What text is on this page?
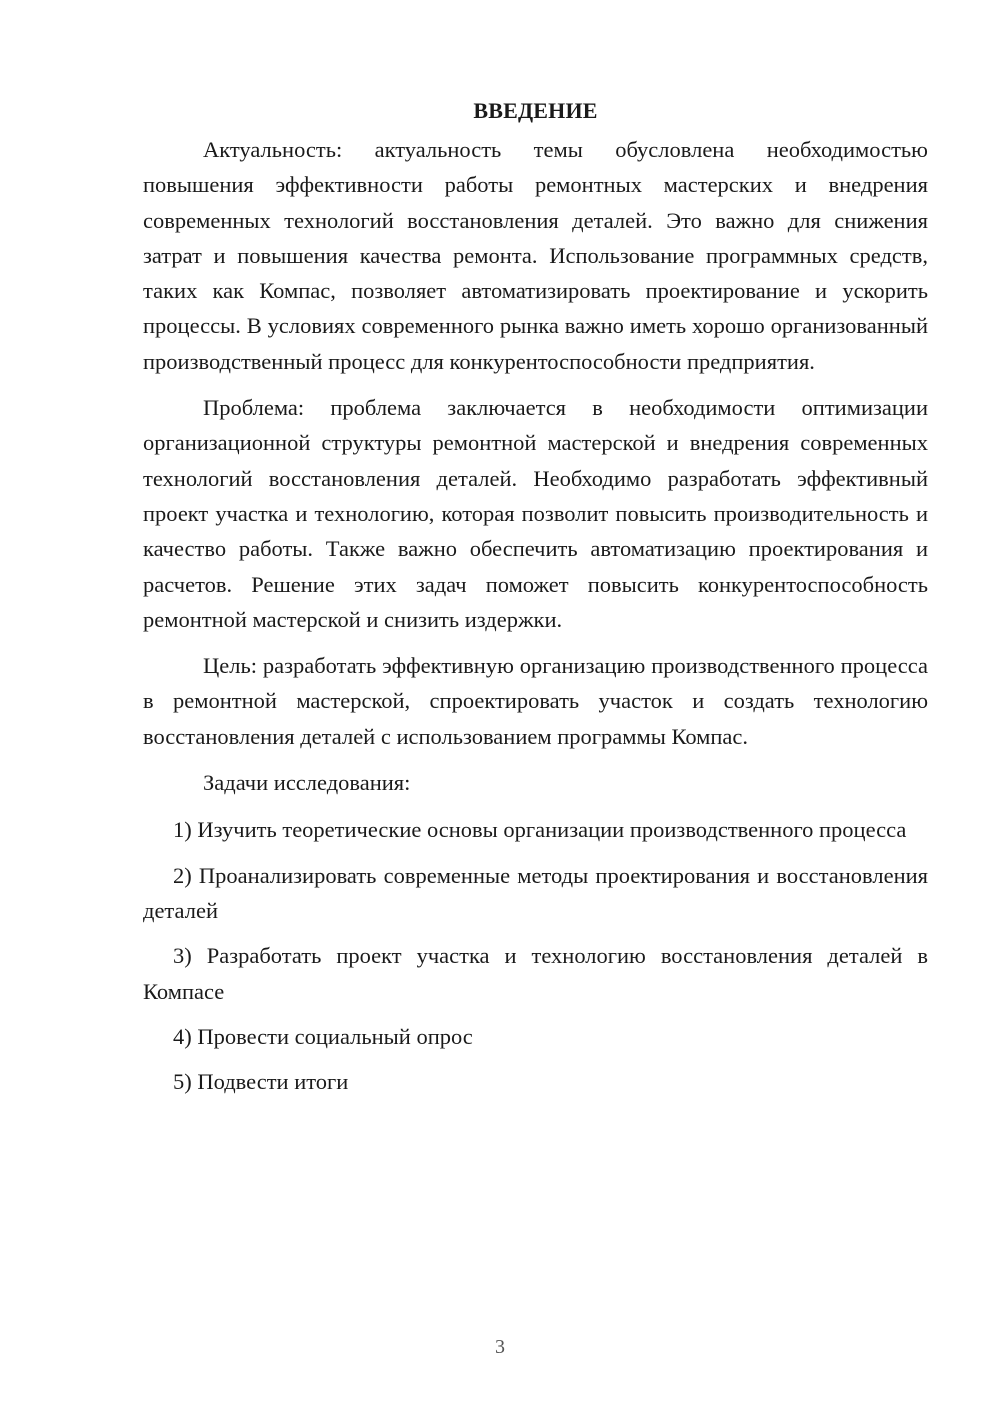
ВВЕДЕНИЕ

Актуальность: актуальность темы обусловлена необходимостью повышения эффективности работы ремонтных мастерских и внедрения современных технологий восстановления деталей. Это важно для снижения затрат и повышения качества ремонта. Использование программных средств, таких как Компас, позволяет автоматизировать проектирование и ускорить процессы. В условиях современного рынка важно иметь хорошо организованный производственный процесс для конкурентоспособности предприятия.

Проблема: проблема заключается в необходимости оптимизации организационной структуры ремонтной мастерской и внедрения современных технологий восстановления деталей. Необходимо разработать эффективный проект участка и технологию, которая позволит повысить производительность и качество работы. Также важно обеспечить автоматизацию проектирования и расчетов. Решение этих задач поможет повысить конкурентоспособность ремонтной мастерской и снизить издержки.

Цель: разработать эффективную организацию производственного процесса в ремонтной мастерской, спроектировать участок и создать технологию восстановления деталей с использованием программы Компас.

Задачи исследования:

1) Изучить теоретические основы организации производственного процесса

2) Проанализировать современные методы проектирования и восстановления деталей

3) Разработать проект участка и технологию восстановления деталей в Компасе

4) Провести социальный опрос

5) Подвести итоги

3
